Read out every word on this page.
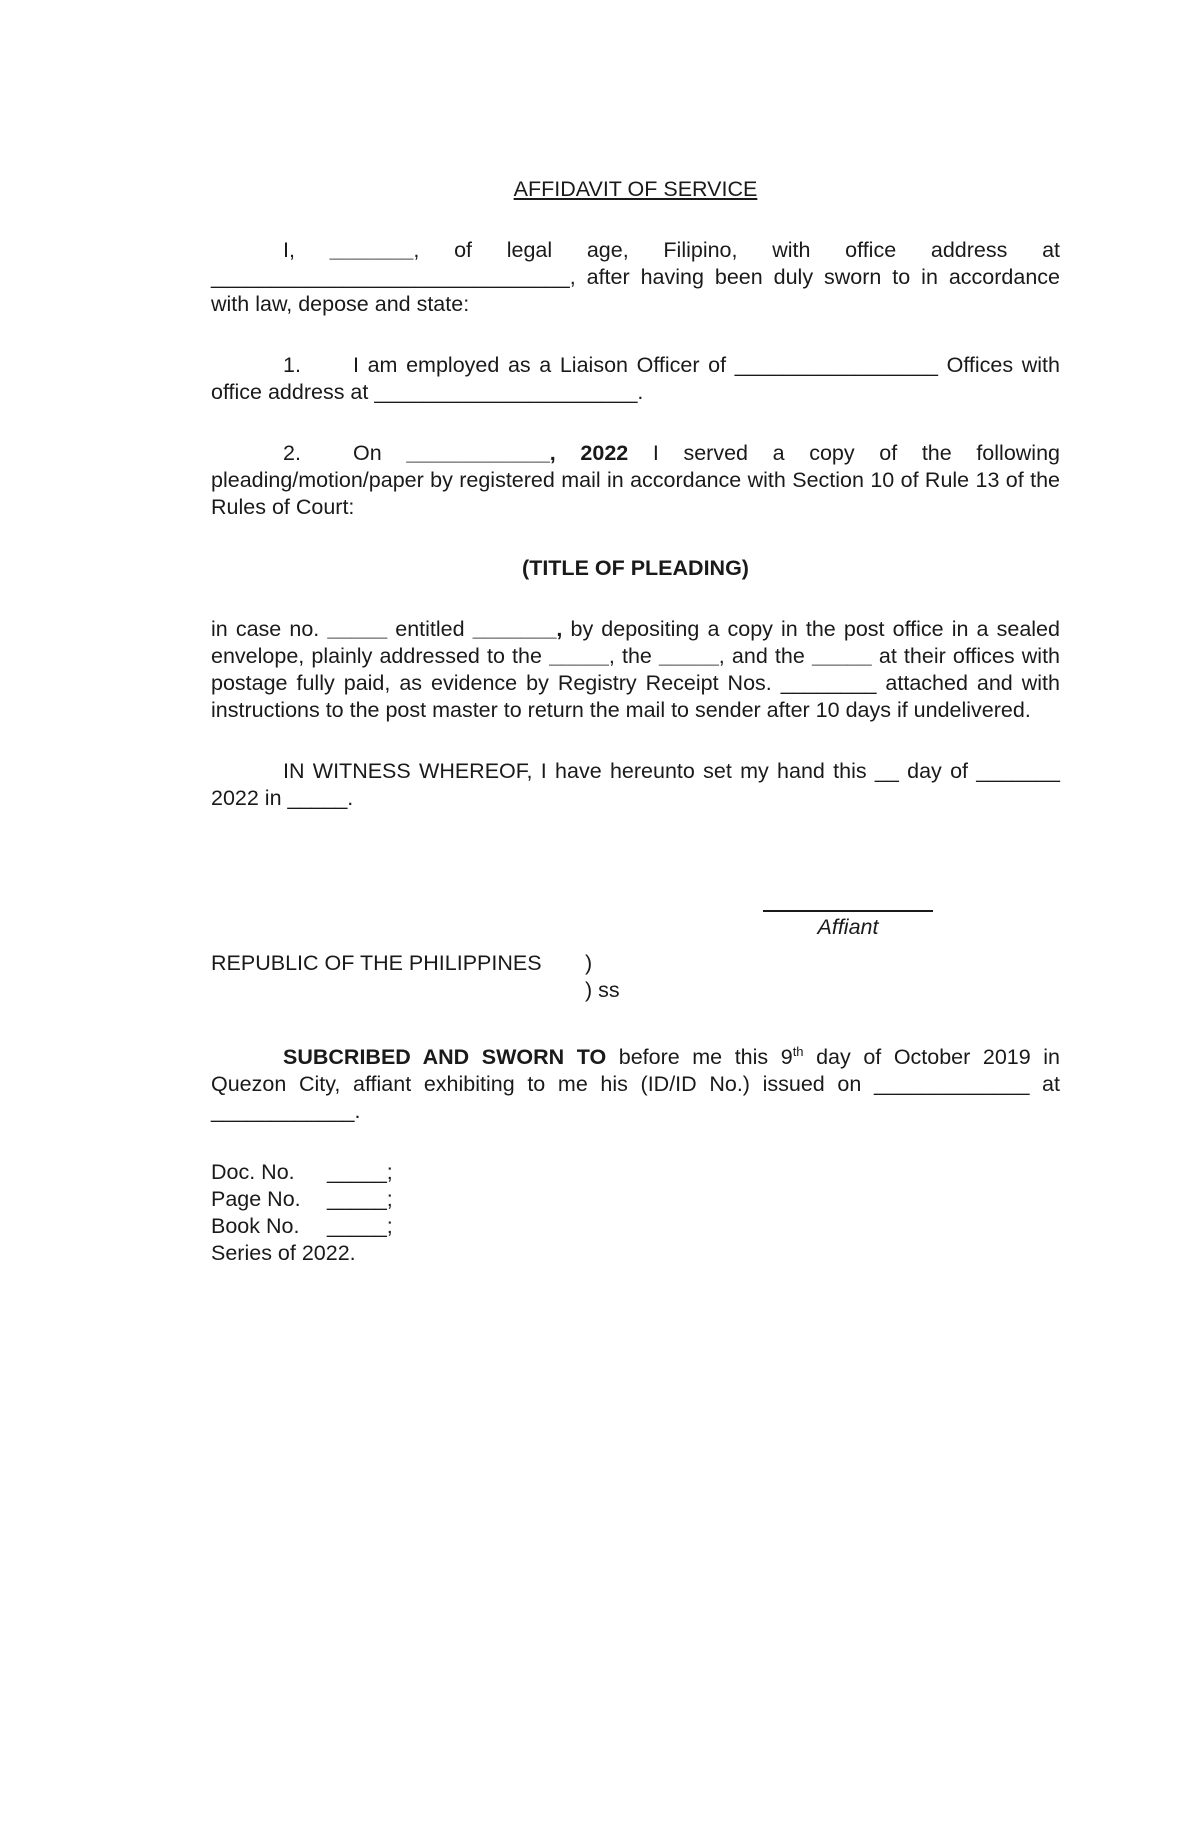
AFFIDAVIT OF SERVICE

I, _______, of legal age, Filipino, with office address at ______________________________, after having been duly sworn to in accordance with law, depose and state:

1. I am employed as a Liaison Officer of _________________ Offices with office address at ______________________.

2. On ____________, 2022 I served a copy of the following pleading/motion/paper by registered mail in accordance with Section 10 of Rule 13 of the Rules of Court:

(TITLE OF PLEADING)

in case no. _____ entitled _______, by depositing a copy in the post office in a sealed envelope, plainly addressed to the _____, the _____, and the _____ at their offices with postage fully paid, as evidence by Registry Receipt Nos. ________ attached and with instructions to the post master to return the mail to sender after 10 days if undelivered.

IN WITNESS WHEREOF, I have hereunto set my hand this __ day of _______ 2022 in _____.

Affiant
REPUBLIC OF THE PHILIPPINES )
) ss

SUBCRIBED AND SWORN TO before me this 9th day of October 2019 in Quezon City, affiant exhibiting to me his (ID/ID No.) issued on _____________ at ____________.

Doc. No. _____;
Page No. _____;
Book No. _____;
Series of 2022.
